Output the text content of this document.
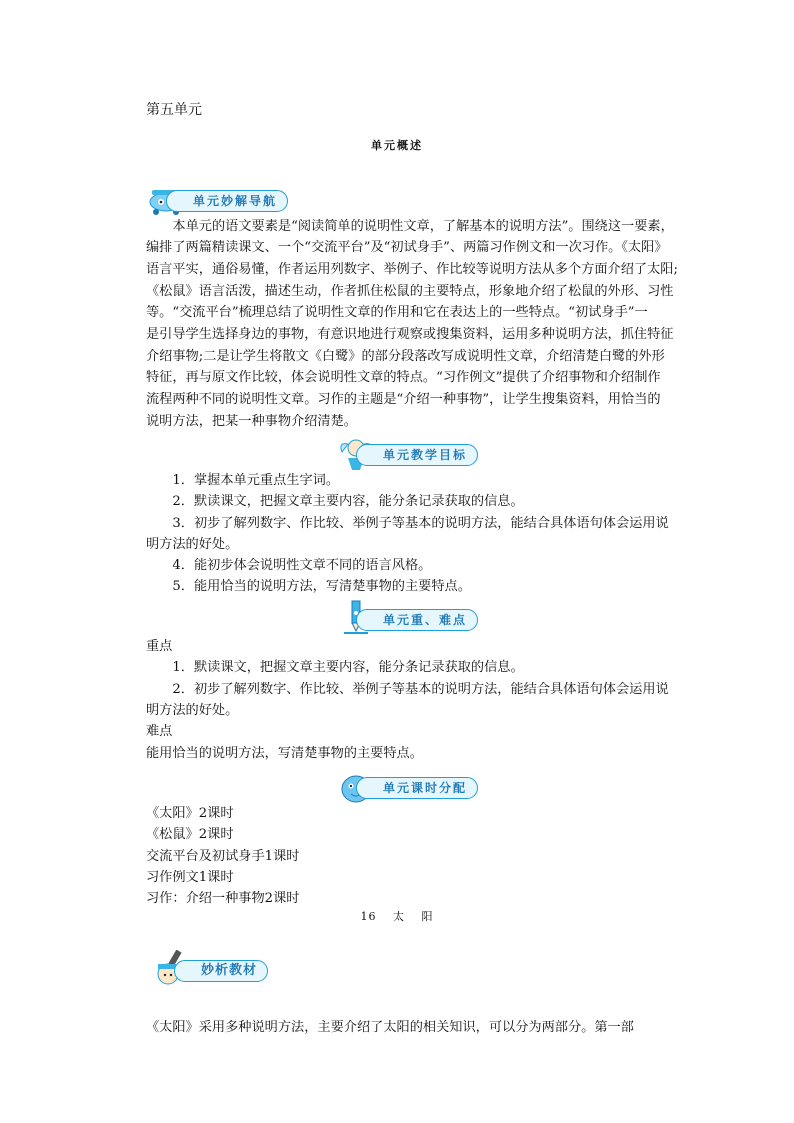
第五单元
单元概述
单元妙解导航
本单元的语文要素是“阅读简单的说明性文章，了解基本的说明方法”。围绕这一要素，
编排了两篇精读课文、一个“交流平台”及“初试身手”、两篇习作例文和一次习作。《太阳》
语言平实，通俗易懂，作者运用列数字、举例子、作比较等说明方法从多个方面介绍了太阳;
《松鼠》语言活泼，描述生动，作者抓住松鼠的主要特点，形象地介绍了松鼠的外形、习性
等。“交流平台”梳理总结了说明性文章的作用和它在表达上的一些特点。“初试身手”一
是引导学生选择身边的事物，有意识地进行观察或搜集资料，运用多种说明方法，抓住特征
介绍事物;二是让学生将散文《白鹭》的部分段落改写成说明性文章，介绍清楚白鹭的外形
特征，再与原文作比较，体会说明性文章的特点。“习作例文”提供了介绍事物和介绍制作
流程两种不同的说明性文章。习作的主题是“介绍一种事物”，让学生搜集资料，用恰当的
说明方法，把某一种事物介绍清楚。
单元教学目标
1．掌握本单元重点生字词。
2．默读课文，把握文章主要内容，能分条记录获取的信息。
3．初步了解列数字、作比较、举例子等基本的说明方法，能结合具体语句体会运用说
明方法的好处。
4．能初步体会说明性文章不同的语言风格。
5．能用恰当的说明方法，写清楚事物的主要特点。
单元重、难点
重点
1．默读课文，把握文章主要内容，能分条记录获取的信息。
2．初步了解列数字、作比较、举例子等基本的说明方法，能结合具体语句体会运用说
明方法的好处。
难点
能用恰当的说明方法，写清楚事物的主要特点。
单元课时分配
《太阳》2课时
《松鼠》2课时
交流平台及初试身手1课时
习作例文1课时
习作：介绍一种事物2课时
16 太 阳
妙析教材
《太阳》采用多种说明方法，主要介绍了太阳的相关知识，可以分为两部分。第一部
